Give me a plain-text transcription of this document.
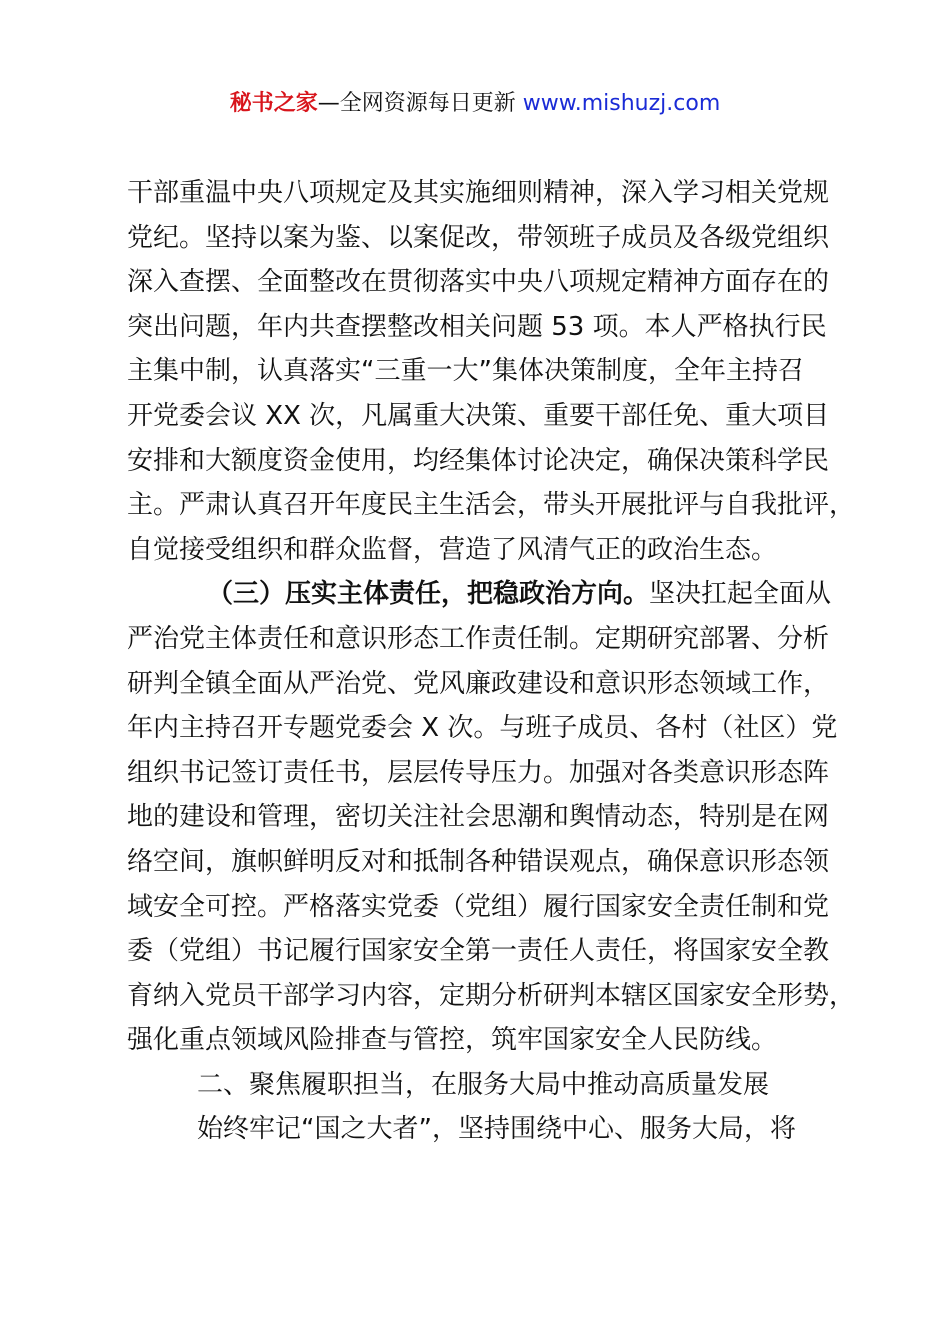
秘书之家—全网资源每日更新 www.mishuzj.com
干部重温中央八项规定及其实施细则精神，深入学习相关党规
党纪。坚持以案为鉴、以案促改，带领班子成员及各级党组织
深入查摆、全面整改在贯彻落实中央八项规定精神方面存在的
突出问题，年内共查摆整改相关问题 53 项。本人严格执行民
主集中制，认真落实“三重一大”集体决策制度，全年主持召
开党委会议 XX 次，凡属重大决策、重要干部任免、重大项目
安排和大额度资金使用，均经集体讨论决定，确保决策科学民
主。严肃认真召开年度民主生活会，带头开展批评与自我批评，
自觉接受组织和群众监督，营造了风清气正的政治生态。
（三）压实主体责任，把稳政治方向。坚决扛起全面从
严治党主体责任和意识形态工作责任制。定期研究部署、分析
研判全镇全面从严治党、党风廉政建设和意识形态领域工作，
年内主持召开专题党委会 X 次。与班子成员、各村（社区）党
组织书记签订责任书，层层传导压力。加强对各类意识形态阵
地的建设和管理，密切关注社会思潮和舆情动态，特别是在网
络空间，旗帜鲜明反对和抵制各种错误观点，确保意识形态领
域安全可控。严格落实党委（党组）履行国家安全责任制和党
委（党组）书记履行国家安全第一责任人责任，将国家安全教
育纳入党员干部学习内容，定期分析研判本辖区国家安全形势，
强化重点领域风险排查与管控，筑牢国家安全人民防线。
二、聚焦履职担当，在服务大局中推动高质量发展
始终牢记“国之大者”，坚持围绕中心、服务大局，将
